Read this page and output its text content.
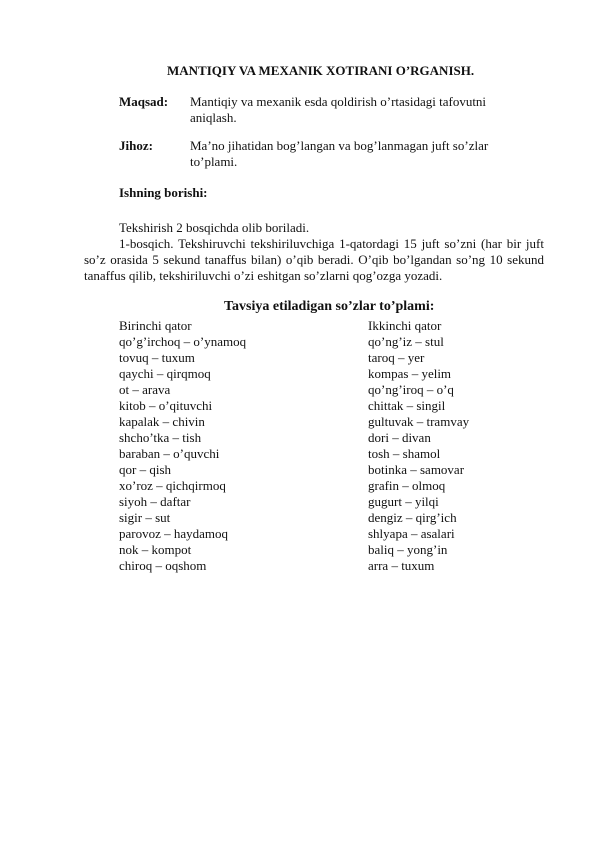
MANTIQIY VA MEXANIK XOTIRANI O’RGANISH.
Maqsad: Mantiqiy va mexanik esda qoldirish o’rtasidagi tafovutni
aniqlash.
Jihoz:	Ma’no jihatidan bog’langan va bog’lanmagan juft so’zlar
to’plami.
Ishning borishi:
Tekshirish 2 bosqichda olib boriladi.
1-bosqich. Tekshiruvchi tekshiriluvchiga 1-qatordagi 15 juft so’zni (har bir juft so’z orasida 5 sekund tanaffus bilan) o’qib beradi. O’qib bo’lgandan so’ng 10 sekund tanaffus qilib, tekshiriluvchi o’zi eshitgan so’zlarni qog’ozga yozadi.
Tavsiya etiladigan so’zlar to’plami:
Birinchi qator
qo’g’irchoq – o’ynamoq
tovuq – tuxum
qaychi – qirqmoq
ot – arava
kitob – o’qituvchi
kapalak – chivin
shcho’tka – tish
baraban – o’quvchi
qor – qish
xo’roz – qichqirmoq
siyoh – daftar
sigir – sut
parovoz – haydamoq
nok – kompot
chiroq – oqshom
Ikkinchi qator
qo’ng’iz – stul
taroq – yer
kompas – yelim
qo’ng’iroq – o’q
chittak – singil
gultuvak – tramvay
dori – divan
tosh – shamol
botinka – samovar
grafin – olmoq
gugurt – yilqi
dengiz – qirg’ich
shlyapa – asalari
baliq – yong’in
arra – tuxum
